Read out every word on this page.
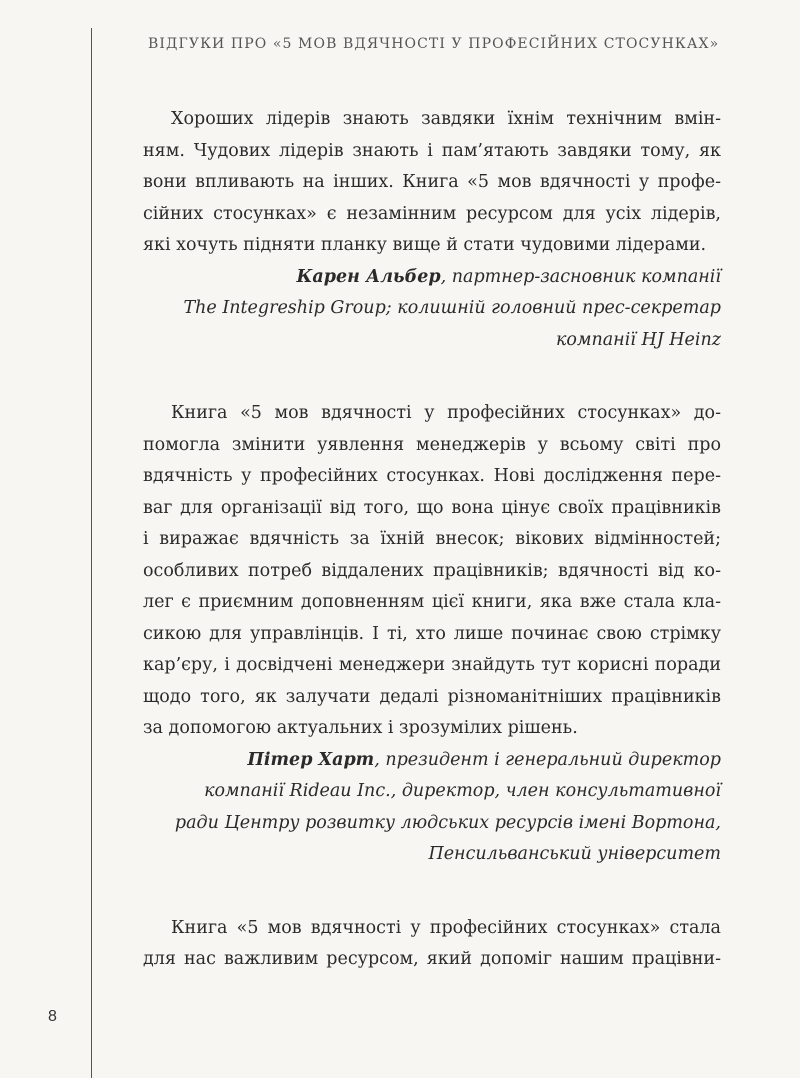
ВІДГУКИ ПРО «5 МОВ ВДЯЧНОСТІ У ПРОФЕСІЙНИХ СТОСУНКАХ»

Хороших лідерів знають завдяки їхнім технічним вмін-
ням. Чудових лідерів знають і пам’ятають завдяки тому, як
вони впливають на інших. Книга «5 мов вдячності у профе-
сійних стосунках» є незамінним ресурсом для усіх лідерів,
які хочуть підняти планку вище й стати чудовими лідерами.

Карен Альбер, партнер-засновник компанії
The Integreship Group; колишній головний прес-секретар
компанії HJ Heinz

Книга «5 мов вдячності у професійних стосунках» до-
помогла змінити уявлення менеджерів у всьому світі про
вдячність у професійних стосунках. Нові дослідження пере-
ваг для організації від того, що вона цінує своїх працівників
і виражає вдячність за їхній внесок; вікових відмінностей;
особливих потреб віддалених працівників; вдячності від ко-
лег є приємним доповненням цієї книги, яка вже стала кла-
сикою для управлінців. І ті, хто лише починає свою стрімку
кар’єру, і досвідчені менеджери знайдуть тут корисні поради
щодо того, як залучати дедалі різноманітніших працівників
за допомогою актуальних і зрозумілих рішень.

Пітер Харт, президент і генеральний директор
компанії Rideau Inc., директор, член консультативної
ради Центру розвитку людських ресурсів імені Вортона,
Пенсильванський університет

Книга «5 мов вдячності у професійних стосунках» стала
для нас важливим ресурсом, який допоміг нашим працівни-

8
